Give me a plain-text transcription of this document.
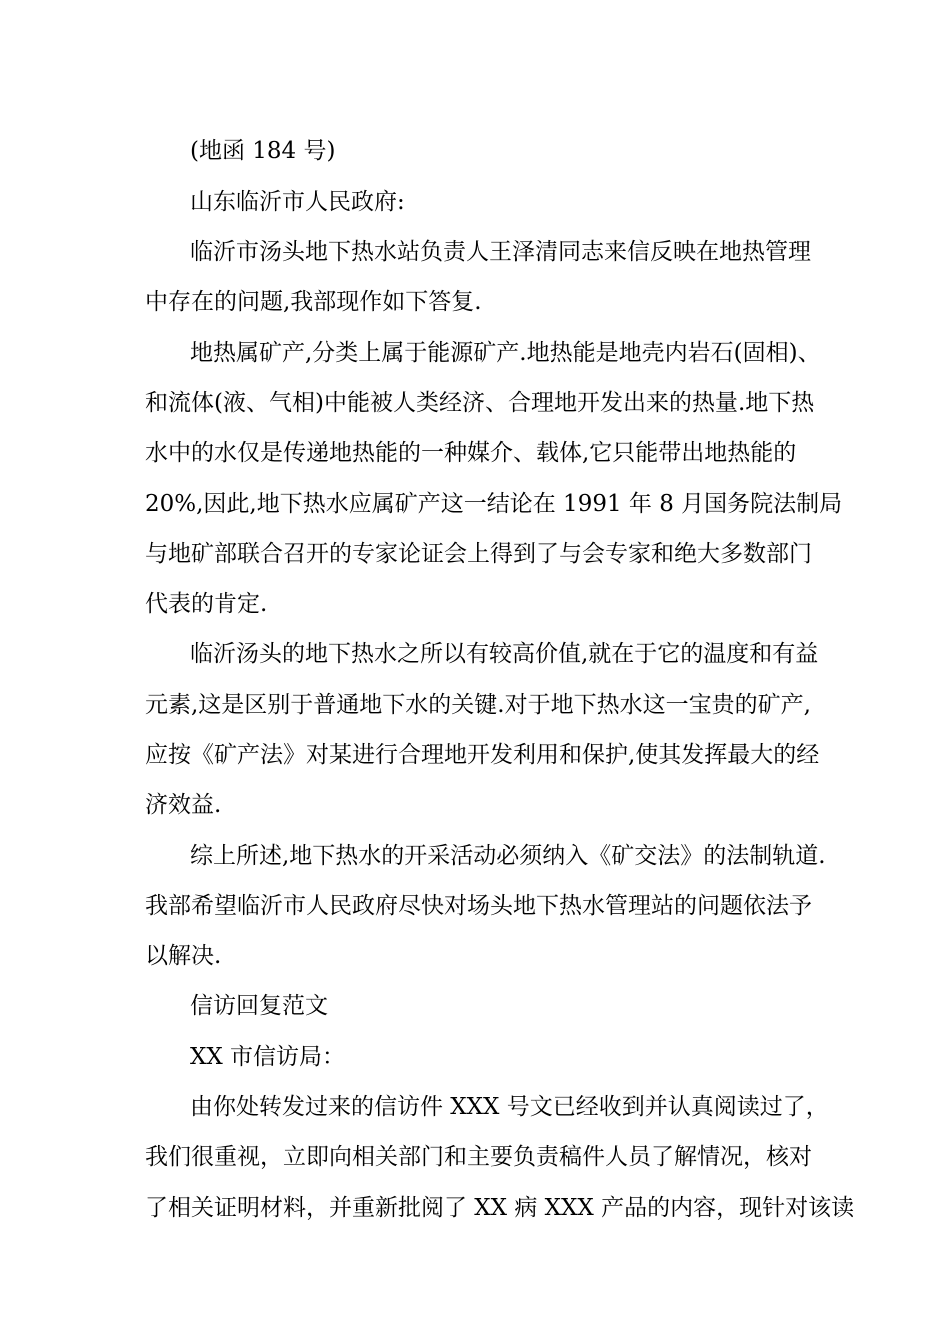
(地函 184 号)
山东临沂市人民政府:
临沂市汤头地下热水站负责人王泽清同志来信反映在地热管理
中存在的问题,我部现作如下答复.
地热属矿产,分类上属于能源矿产.地热能是地壳内岩石(固相)、
和流体(液、气相)中能被人类经济、合理地开发出来的热量.地下热
水中的水仅是传递地热能的一种媒介、载体,它只能带出地热能的
20%,因此,地下热水应属矿产这一结论在 1991 年 8 月国务院法制局
与地矿部联合召开的专家论证会上得到了与会专家和绝大多数部门
代表的肯定.
临沂汤头的地下热水之所以有较高价值,就在于它的温度和有益
元素,这是区别于普通地下水的关键.对于地下热水这一宝贵的矿产,
应按《矿产法》对某进行合理地开发利用和保护,使其发挥最大的经
济效益.
综上所述,地下热水的开采活动必须纳入《矿交法》的法制轨道.
我部希望临沂市人民政府尽快对场头地下热水管理站的问题依法予
以解决.
信访回复范文
XX 市信访局：
由你处转发过来的信访件 XXX 号文已经收到并认真阅读过了，
我们很重视，立即向相关部门和主要负责稿件人员了解情况，核对
了相关证明材料，并重新批阅了 XX 病 XXX 产品的内容，现针对该读
